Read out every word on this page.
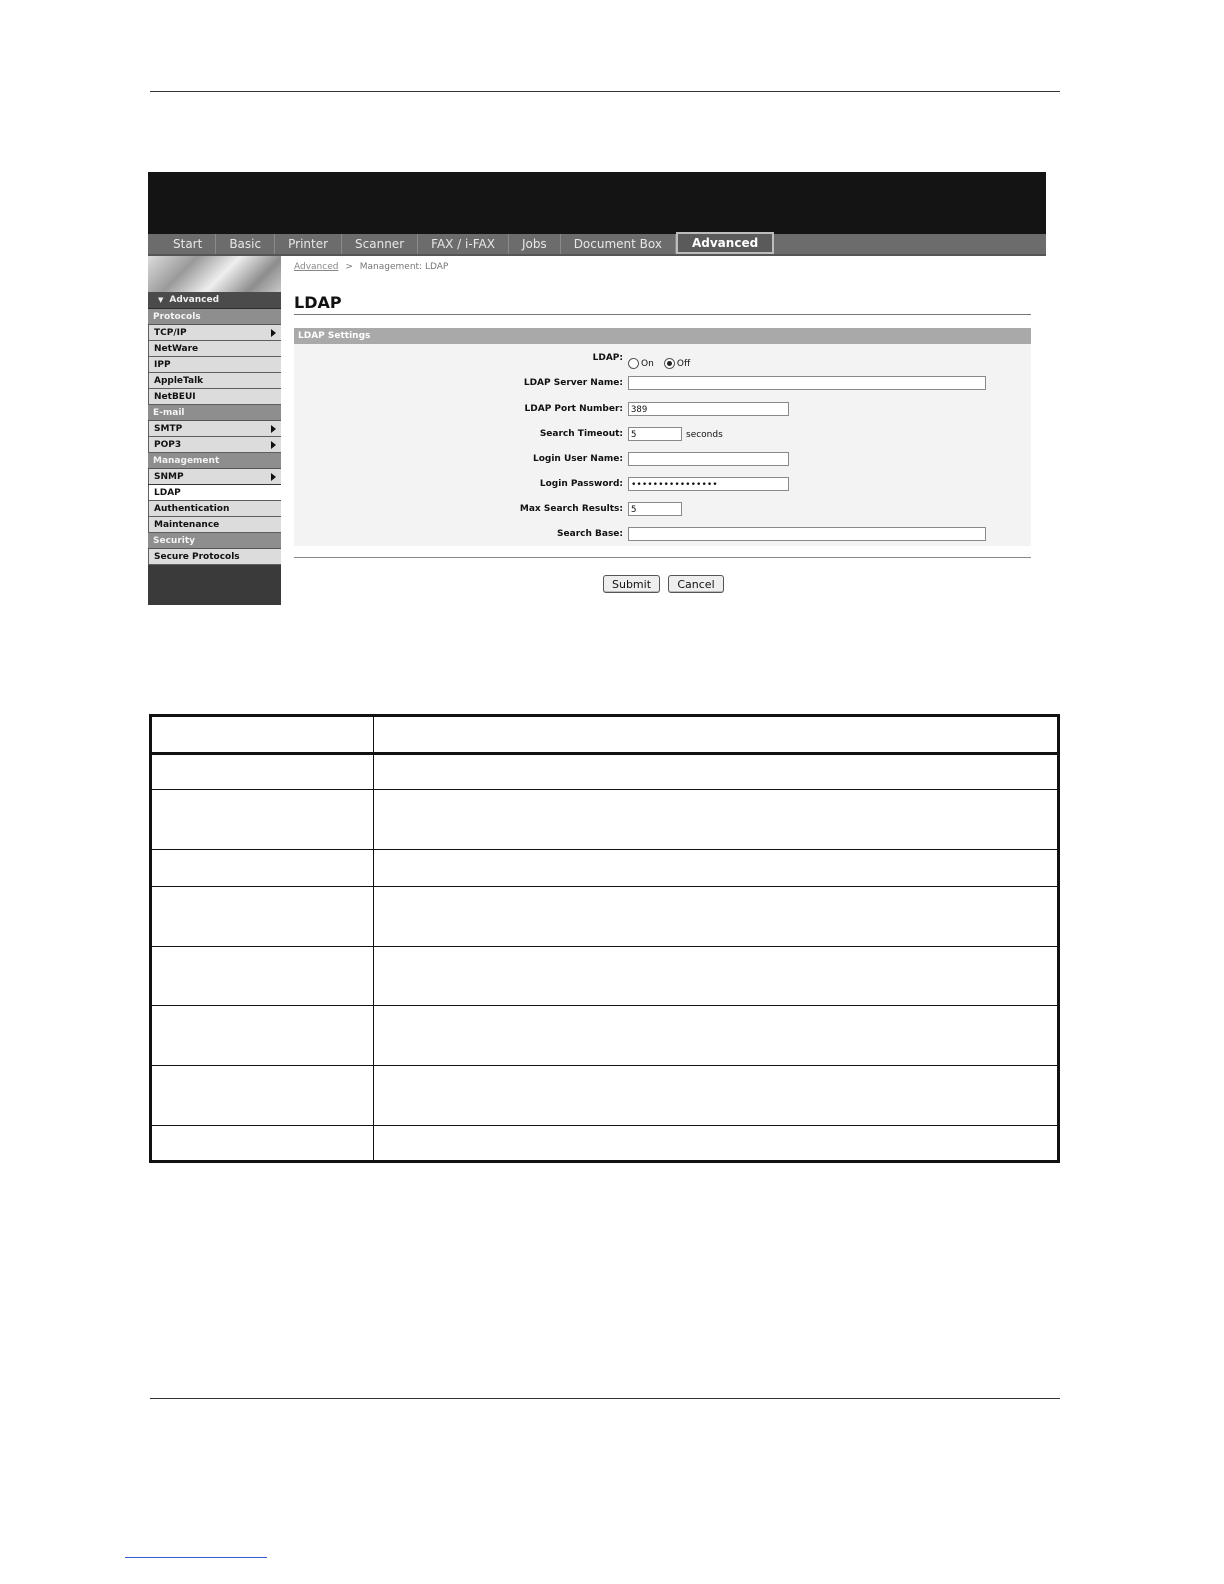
Start	Basic	Printer	Scanner	FAX / i-FAX	Jobs	Document Box	Advanced
▼ Advanced
Protocols
TCP/IP
NetWare
IPP
AppleTalk
NetBEUI
E-mail
SMTP
POP3
Management
SNMP
LDAP
Authentication
Maintenance
Security
Secure Protocols
Advanced > Management: LDAP
LDAP
LDAP Settings
LDAP:
On	Off
LDAP Server Name:
LDAP Port Number: 389
Search Timeout: 5	seconds
Login User Name:
Login Password: ••••••••••••••••
Max Search Results: 5
Search Base:
Submit	Cancel
